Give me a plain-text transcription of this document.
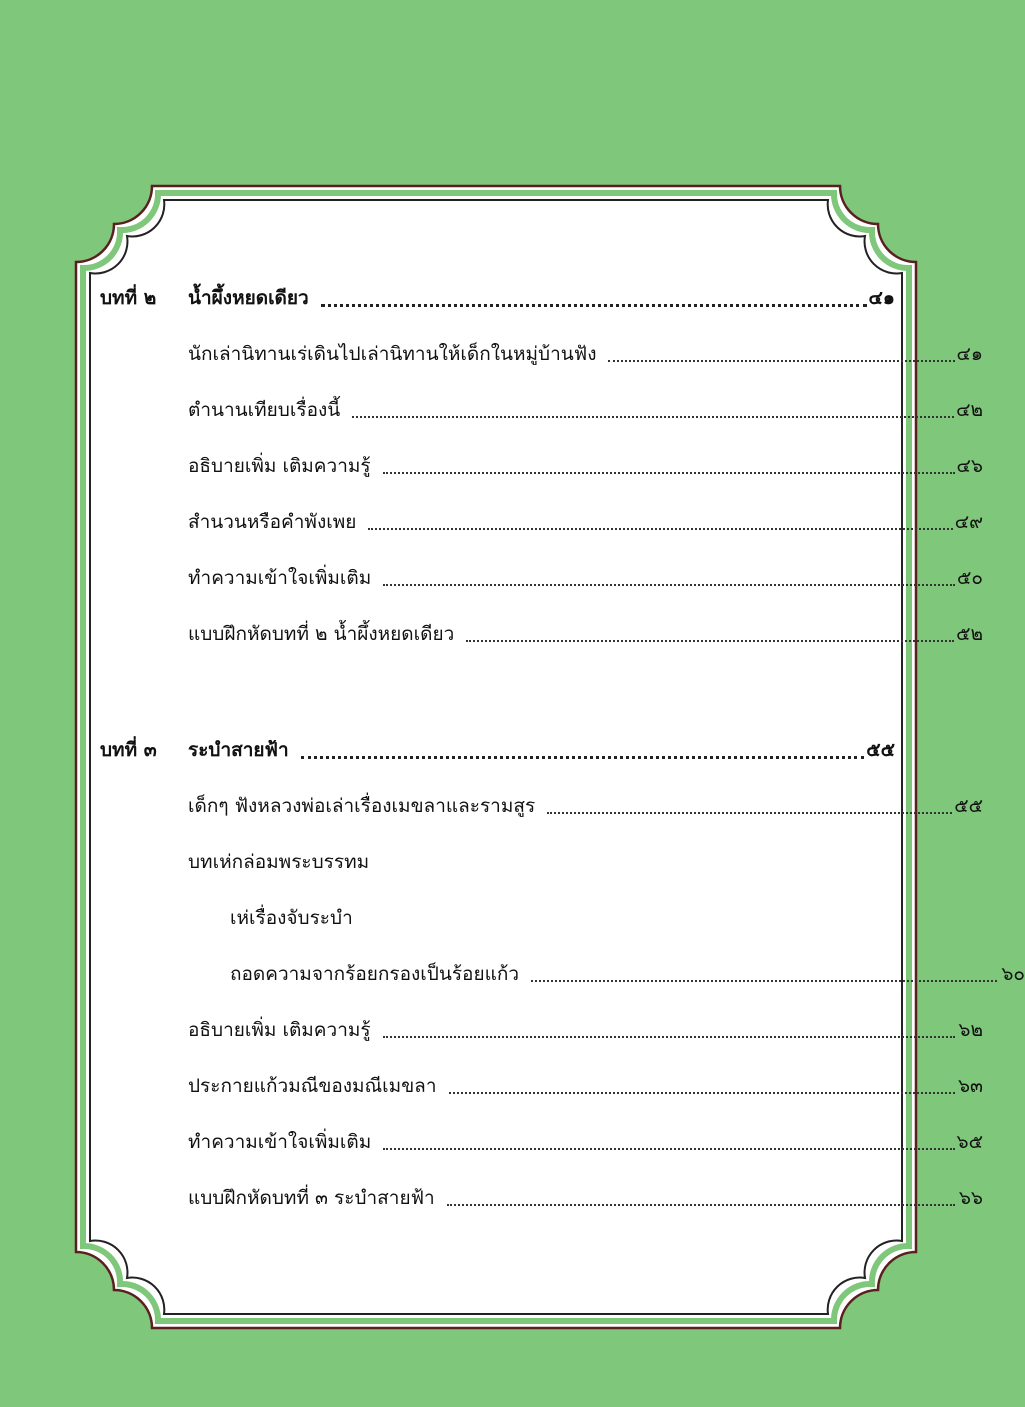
บทที่ ๒	น้ำผึ้งหยดเดียว	๔๑
นักเล่านิทานเร่เดินไปเล่านิทานให้เด็กในหมู่บ้านฟัง	๔๑
ตำนานเทียบเรื่องนี้	๔๒
อธิบายเพิ่ม เติมความรู้	๔๖
สำนวนหรือคำพังเพย	๔๙
ทำความเข้าใจเพิ่มเติม	๕๐
แบบฝึกหัดบทที่ ๒ น้ำผึ้งหยดเดียว	๕๒
บทที่ ๓	ระบำสายฟ้า	๕๕
เด็กๆ ฟังหลวงพ่อเล่าเรื่องเมขลาและรามสูร	๕๕
บทเห่กล่อมพระบรรทม
เห่เรื่องจับระบำ
ถอดความจากร้อยกรองเป็นร้อยแก้ว	๖๐
อธิบายเพิ่ม เติมความรู้	๖๒
ประกายแก้วมณีของมณีเมขลา	๖๓
ทำความเข้าใจเพิ่มเติม	๖๕
แบบฝึกหัดบทที่ ๓ ระบำสายฟ้า	๖๖
